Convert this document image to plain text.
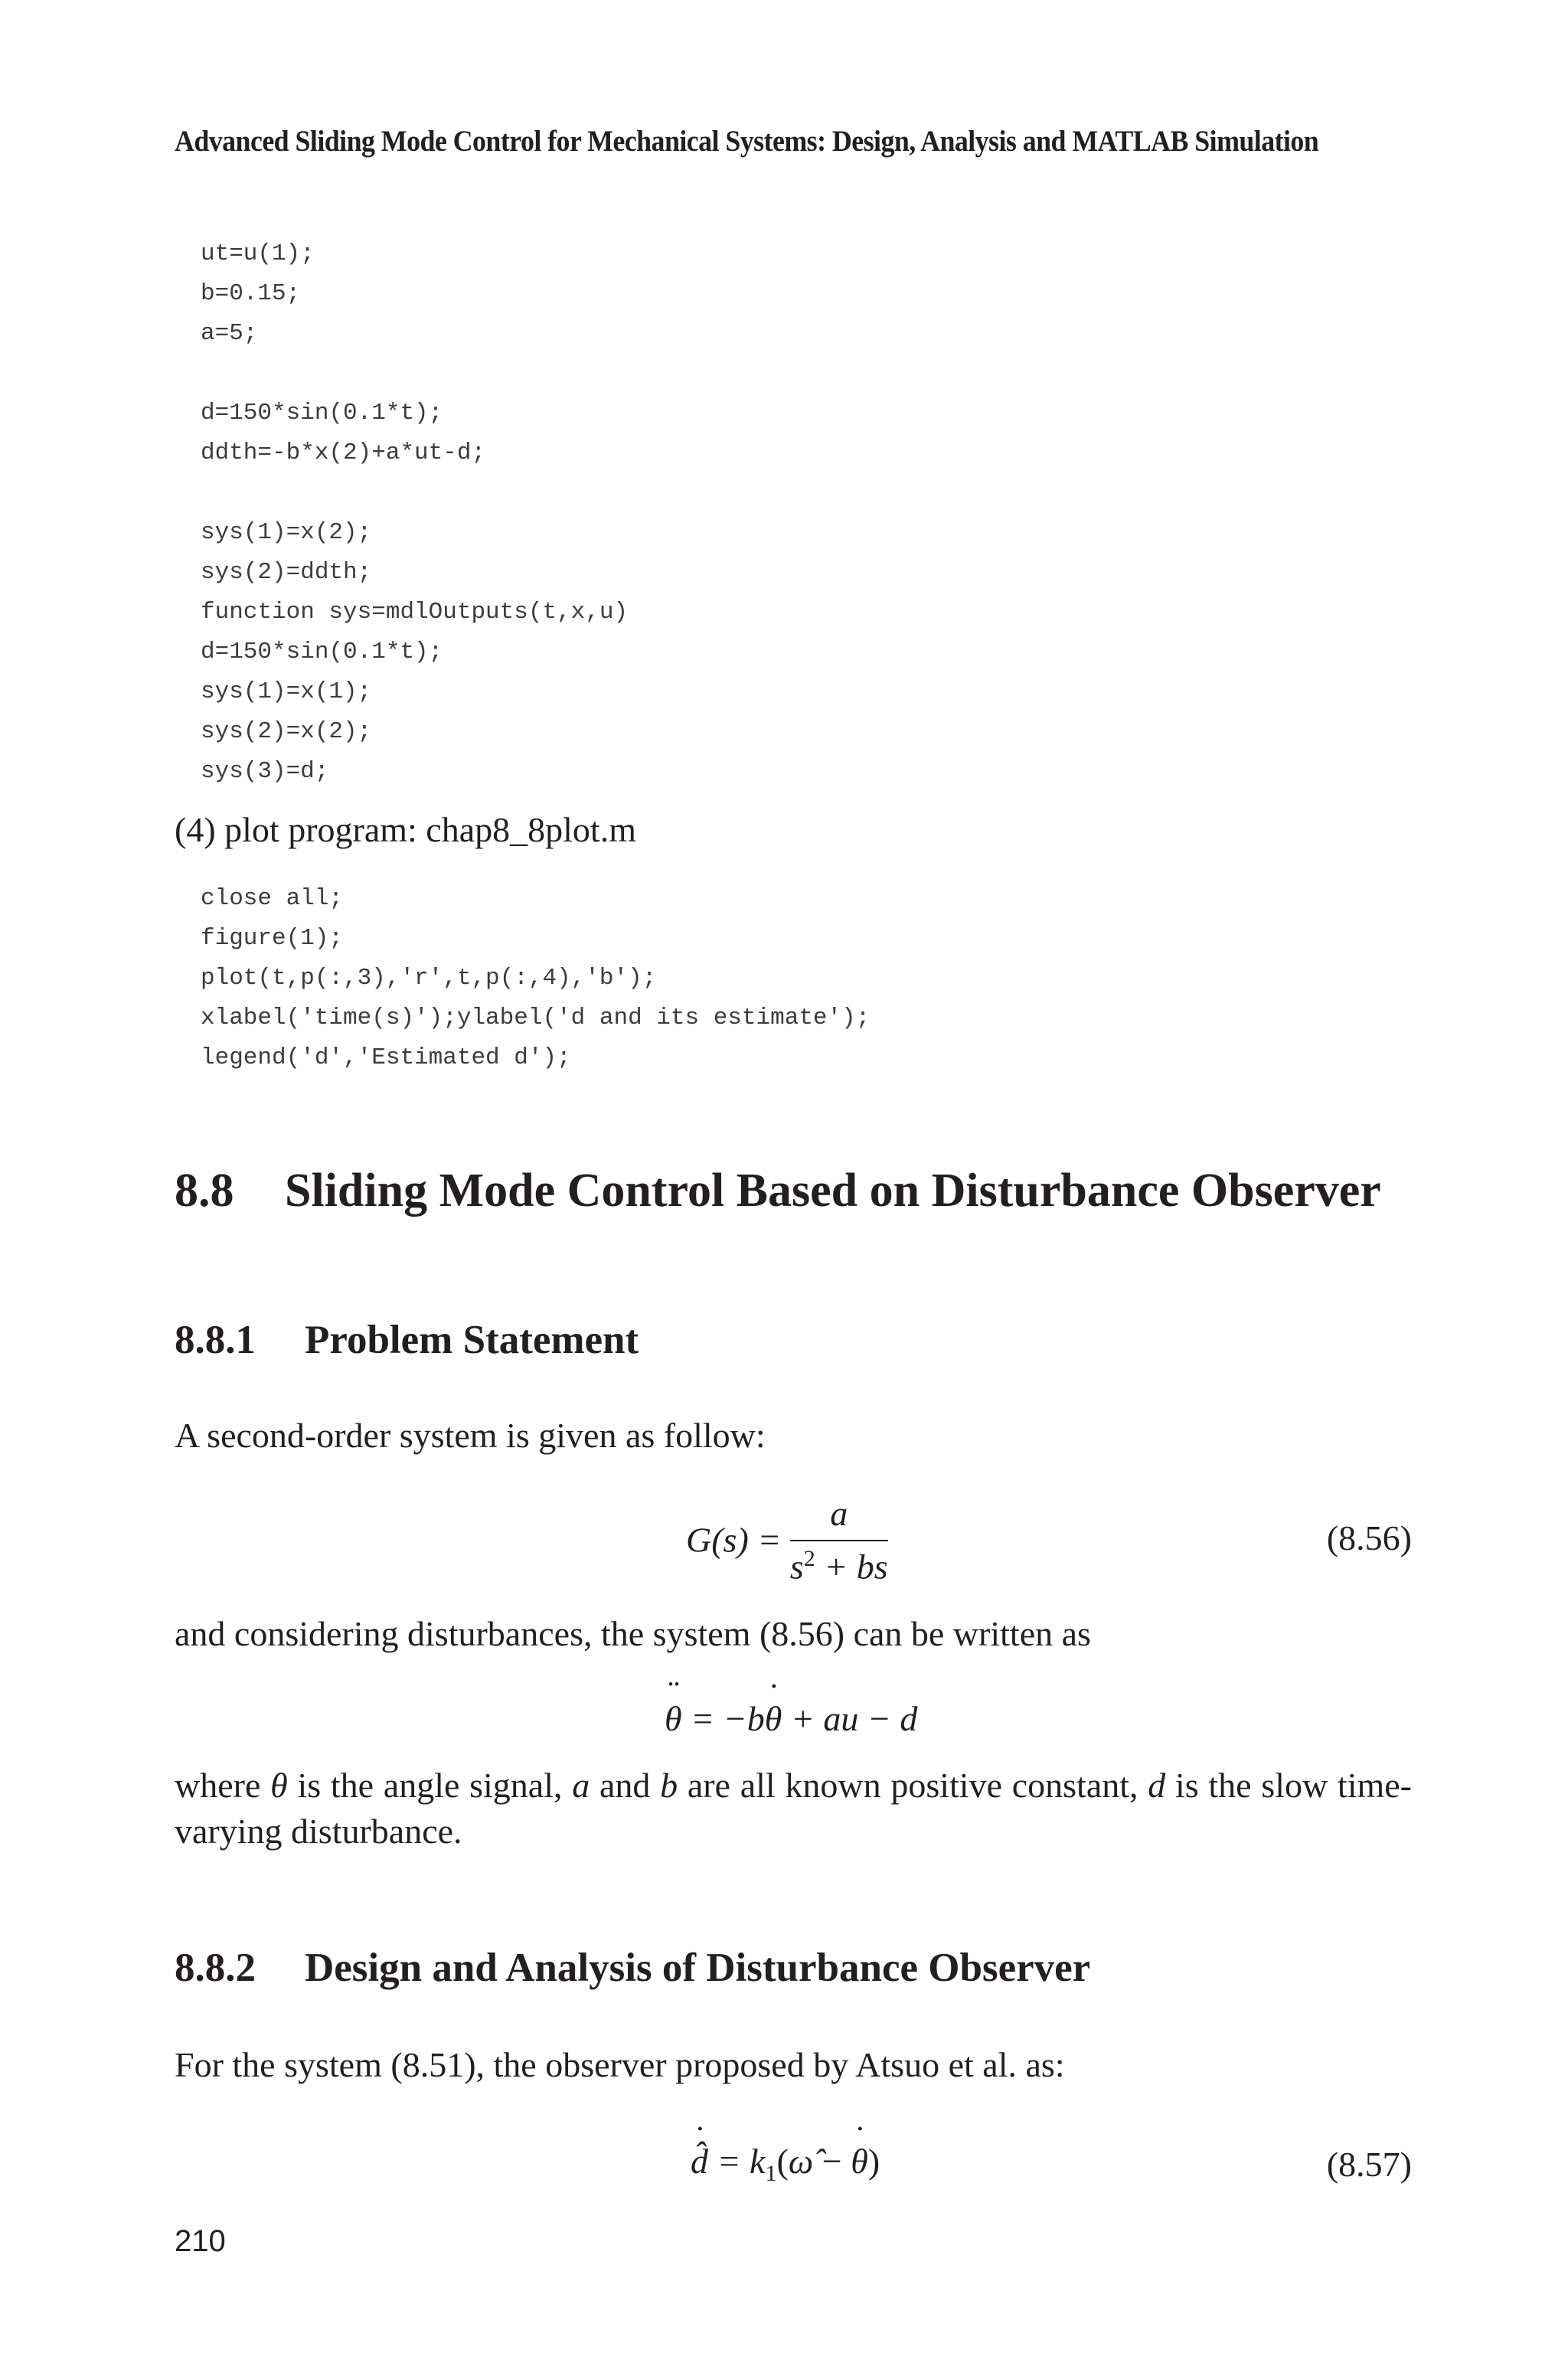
Advanced Sliding Mode Control for Mechanical Systems: Design, Analysis and MATLAB Simulation
ut=u(1);
b=0.15;
a=5;
d=150*sin(0.1*t);
ddth=-b*x(2)+a*ut-d;
sys(1)=x(2);
sys(2)=ddth;
function sys=mdlOutputs(t,x,u)
d=150*sin(0.1*t);
sys(1)=x(1);
sys(2)=x(2);
sys(3)=d;
(4) plot program: chap8_8plot.m
close all;
figure(1);
plot(t,p(:,3),'r',t,p(:,4),'b');
xlabel('time(s)');ylabel('d and its estimate');
legend('d','Estimated d');
8.8 Sliding Mode Control Based on Disturbance Observer
8.8.1 Problem Statement
A second-order system is given as follow:
$G(s) = \frac{a}{s^2 + bs}$	(8.56)
and considering disturbances, the system (8.56) can be written as
θ ¨ = −bθ ˙ + au − d
where θ is the angle signal, a and b are all known positive constant, d is the slow time-varying disturbance.
8.8.2 Design and Analysis of Disturbance Observer
For the system (8.51), the observer proposed by Atsuo et al. as:
d̂ ˙ = $k_1(\omegâ - \theta$ ˙)	(8.57)
210
